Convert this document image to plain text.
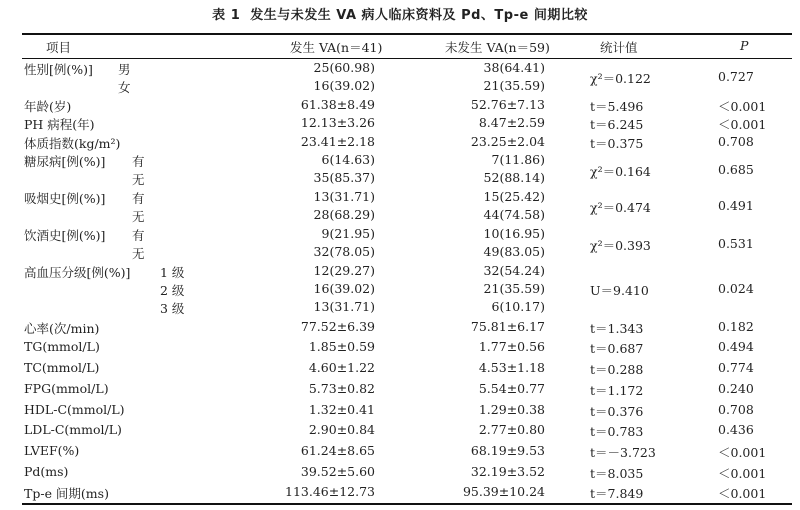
表 1 发生与未发生 VA 病人临床资料及 Pd、Tp-e 间期比较
项目	发生 VA(n＝41)	未发生 VA(n＝59)	统计值	P
性别[例(%)] 男	25(60.98)	38(64.41)
女	16(39.02)	21(35.59)	χ²＝0.122	0.727
年龄(岁)	61.38±8.49	52.76±7.13	t＝5.496	＜0.001
PH 病程(年)	12.13±3.26	8.47±2.59	t＝6.245	＜0.001
体质指数(kg/m²)	23.41±2.18	23.25±2.04	t＝0.375	0.708
糖尿病[例(%)] 有	6(14.63)	7(11.86)
无	35(85.37)	52(88.14)	χ²＝0.164	0.685
吸烟史[例(%)] 有	13(31.71)	15(25.42)
无	28(68.29)	44(74.58)	χ²＝0.474	0.491
饮酒史[例(%)] 有	9(21.95)	10(16.95)
无	32(78.05)	49(83.05)	χ²＝0.393	0.531
高血压分级[例(%)] 1 级	12(29.27)	32(54.24)
2 级	16(39.02)	21(35.59)	U＝9.410	0.024
3 级	13(31.71)	6(10.17)
心率(次/min)	77.52±6.39	75.81±6.17	t＝1.343	0.182
TG(mmol/L)	1.85±0.59	1.77±0.56	t＝0.687	0.494
TC(mmol/L)	4.60±1.22	4.53±1.18	t＝0.288	0.774
FPG(mmol/L)	5.73±0.82	5.54±0.77	t＝1.172	0.240
HDL-C(mmol/L)	1.32±0.41	1.29±0.38	t＝0.376	0.708
LDL-C(mmol/L)	2.90±0.84	2.77±0.80	t＝0.783	0.436
LVEF(%)	61.24±8.65	68.19±9.53	t＝－3.723	＜0.001
Pd(ms)	39.52±5.60	32.19±3.52	t＝8.035	＜0.001
Tp-e 间期(ms)	113.46±12.73	95.39±10.24	t＝7.849	＜0.001
